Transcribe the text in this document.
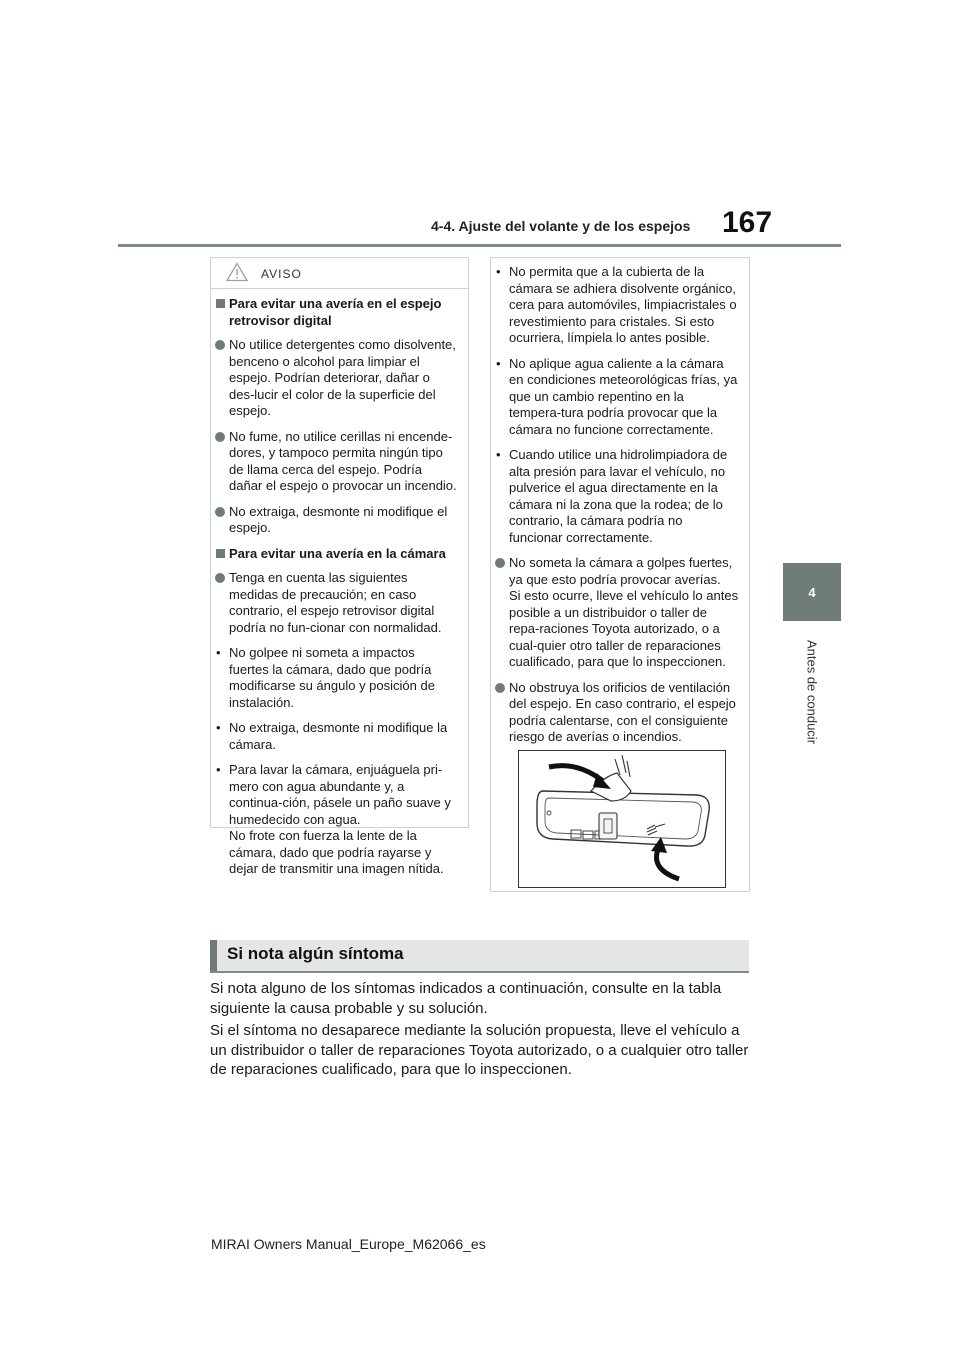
4-4. Ajuste del volante y de los espejos 167
4
Antes de conducir
AVISO
Para evitar una avería en el espejo retrovisor digital
No utilice detergentes como disolvente, benceno o alcohol para limpiar el espejo. Podrían deteriorar, dañar o des-lucir el color de la superficie del espejo.
No fume, no utilice cerillas ni encende-dores, y tampoco permita ningún tipo de llama cerca del espejo. Podría dañar el espejo o provocar un incendio.
No extraiga, desmonte ni modifique el espejo.
Para evitar una avería en la cámara
Tenga en cuenta las siguientes medidas de precaución; en caso contrario, el espejo retrovisor digital podría no fun-cionar con normalidad.
• No golpee ni someta a impactos fuertes la cámara, dado que podría modificarse su ángulo y posición de instalación.
• No extraiga, desmonte ni modifique la cámara.
• Para lavar la cámara, enjuáguela pri-mero con agua abundante y, a continua-ción, pásele un paño suave y humedecido con agua.
No frote con fuerza la lente de la cámara, dado que podría rayarse y dejar de transmitir una imagen nítida.
• No permita que a la cubierta de la cámara se adhiera disolvente orgánico, cera para automóviles, limpiacristales o revestimiento para cristales. Si esto ocurriera, límpiela lo antes posible.
• No aplique agua caliente a la cámara en condiciones meteorológicas frías, ya que un cambio repentino en la tempera-tura podría provocar que la cámara no funcione correctamente.
• Cuando utilice una hidrolimpiadora de alta presión para lavar el vehículo, no pulverice el agua directamente en la cámara ni la zona que la rodea; de lo contrario, la cámara podría no funcionar correctamente.
No someta la cámara a golpes fuertes, ya que esto podría provocar averías.
Si esto ocurre, lleve el vehículo lo antes posible a un distribuidor o taller de repa-raciones Toyota autorizado, o a cual-quier otro taller de reparaciones cualificado, para que lo inspeccionen.
No obstruya los orificios de ventilación del espejo. En caso contrario, el espejo podría calentarse, con el consiguiente riesgo de averías o incendios.
Si nota algún síntoma
Si nota alguno de los síntomas indicados a continuación, consulte en la tabla siguiente la causa probable y su solución.
Si el síntoma no desaparece mediante la solución propuesta, lleve el vehículo a un distribuidor o taller de reparaciones Toyota autorizado, o a cualquier otro taller de reparaciones cualificado, para que lo inspeccionen.
MIRAI Owners Manual_Europe_M62066_es
